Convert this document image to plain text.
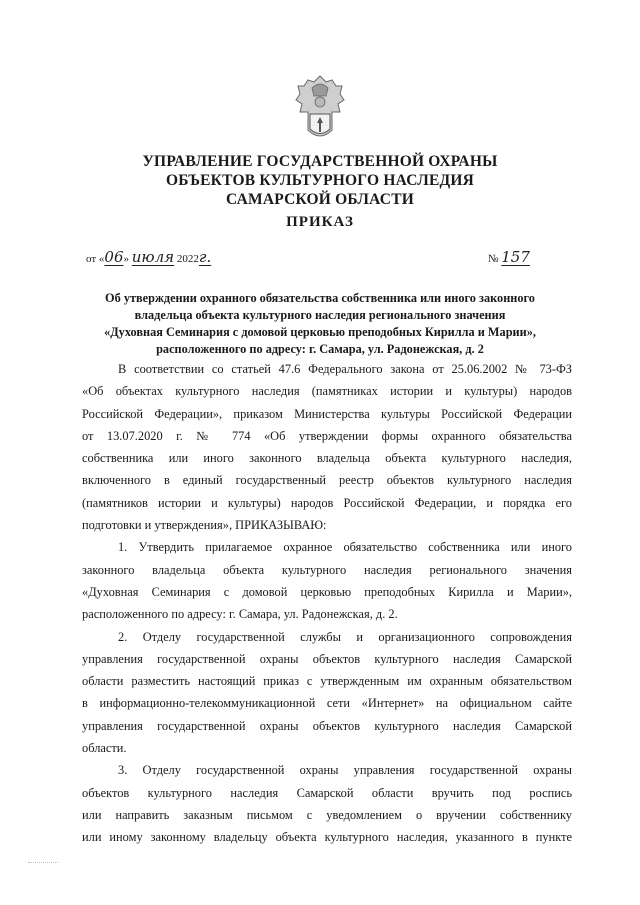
УПРАВЛЕНИЕ ГОСУДАРСТВЕННОЙ ОХРАНЫ
ОБЪЕКТОВ КУЛЬТУРНОГО НАСЛЕДИЯ
САМАРСКОЙ ОБЛАСТИ
ПРИКАЗ
от «06» июля 2022г.	№ 157
Об утверждении охранного обязательства собственника или иного законного
владельца объекта культурного наследия регионального значения
«Духовная Семинария с домовой церковью преподобных Кирилла и Марии»,
расположенного по адресу: г. Самара, ул. Радонежская, д. 2
В соответствии со статьей 47.6 Федерального закона от 25.06.2002 № 73-ФЗ
«Об объектах культурного наследия (памятниках истории и культуры) народов
Российской Федерации», приказом Министерства культуры Российской Федерации
от 13.07.2020 г. № 774 «Об утверждении формы охранного обязательства
собственника или иного законного владельца объекта культурного наследия,
включенного в единый государственный реестр объектов культурного наследия
(памятников истории и культуры) народов Российской Федерации, и порядка его
подготовки и утверждения», ПРИКАЗЫВАЮ:
1. Утвердить прилагаемое охранное обязательство собственника или иного
законного владельца объекта культурного наследия регионального значения
«Духовная Семинария с домовой церковью преподобных Кирилла и Марии»,
расположенного по адресу: г. Самара, ул. Радонежская, д. 2.
2. Отделу государственной службы и организационного сопровождения
управления государственной охраны объектов культурного наследия Самарской
области разместить настоящий приказ с утвержденным им охранным обязательством
в информационно-телекоммуникационной сети «Интернет» на официальном сайте
управления государственной охраны объектов культурного наследия Самарской
области.
3. Отделу государственной охраны управления государственной охраны
объектов культурного наследия Самарской области вручить под роспись
или направить заказным письмом с уведомлением о вручении собственнику
или иному законному владельцу объекта культурного наследия, указанного в пункте
